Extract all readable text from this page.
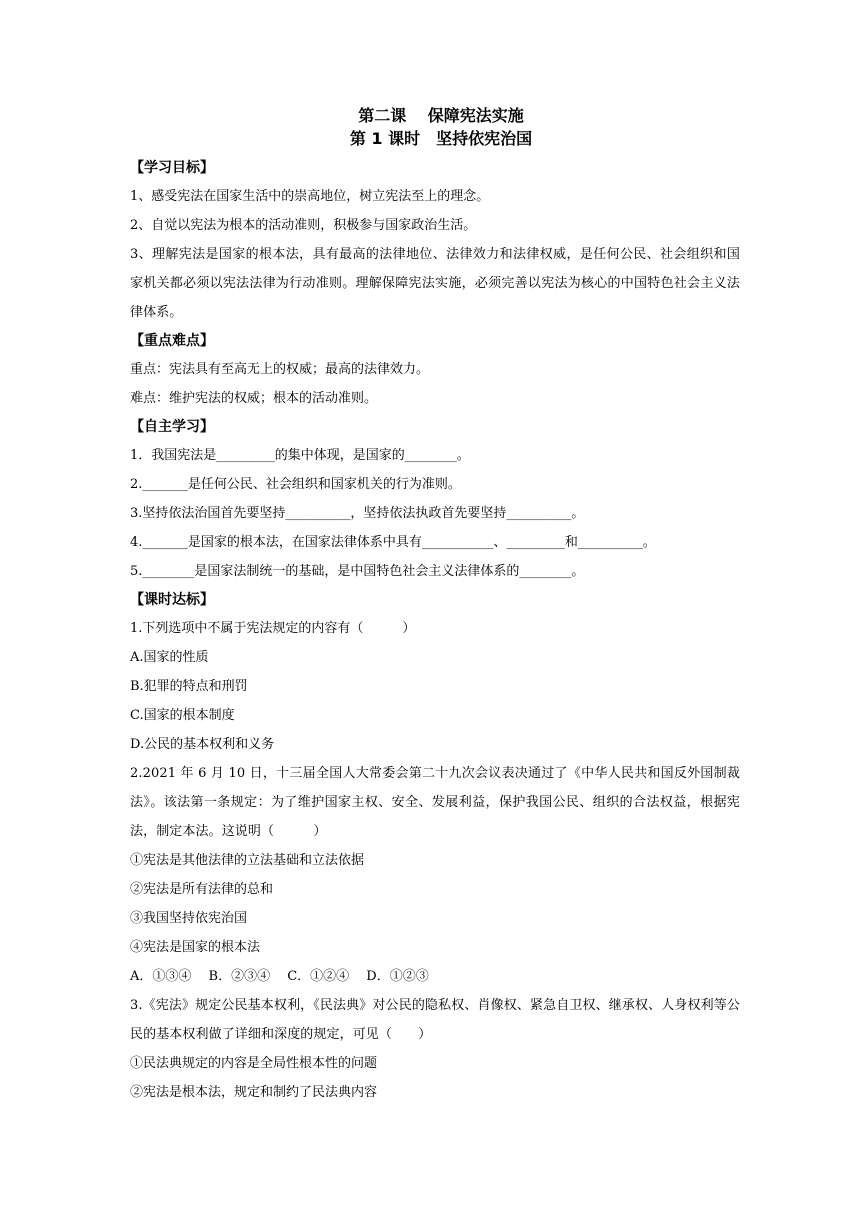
第二课　 保障宪法实施

第 1 课时　坚持依宪治国

【学习目标】

1、感受宪法在国家生活中的崇高地位，树立宪法至上的理念。

2、自觉以宪法为根本的活动准则，积极参与国家政治生活。

3、理解宪法是国家的根本法，具有最高的法律地位、法律效力和法律权威，是任何公民、社会组织和国家机关都必须以宪法法律为行动准则。理解保障宪法实施，必须完善以宪法为核心的中国特色社会主义法律体系。

【重点难点】

重点：宪法具有至高无上的权威；最高的法律效力。

难点：维护宪法的权威；根本的活动准则。

【自主学习】

1．我国宪法是_________的集中体现，是国家的________。

2._______是任何公民、社会组织和国家机关的行为准则。

3.坚持依法治国首先要坚持__________，坚持依法执政首先要坚持__________。

4._______是国家的根本法，在国家法律体系中具有___________、_________和__________。

5.________是国家法制统一的基础，是中国特色社会主义法律体系的________。

【课时达标】

1.下列选项中不属于宪法规定的内容有（　　　）

A.国家的性质

B.犯罪的特点和刑罚

C.国家的根本制度

D.公民的基本权利和义务

2.2021 年 6 月 10 日，十三届全国人大常委会第二十九次会议表决通过了《中华人民共和国反外国制裁法》。该法第一条规定：为了维护国家主权、安全、发展利益，保护我国公民、组织的合法权益，根据宪法，制定本法。这说明（　　　）

①宪法是其他法律的立法基础和立法依据

②宪法是所有法律的总和

③我国坚持依宪治国

④宪法是国家的根本法

A．①③④　 B．②③④　 C．①②④　 D．①②③

3.《宪法》规定公民基本权利，《民法典》对公民的隐私权、肖像权、紧急自卫权、继承权、人身权利等公民的基本权利做了详细和深度的规定，可见（　　）

①民法典规定的内容是全局性根本性的问题

②宪法是根本法，规定和制约了民法典内容
